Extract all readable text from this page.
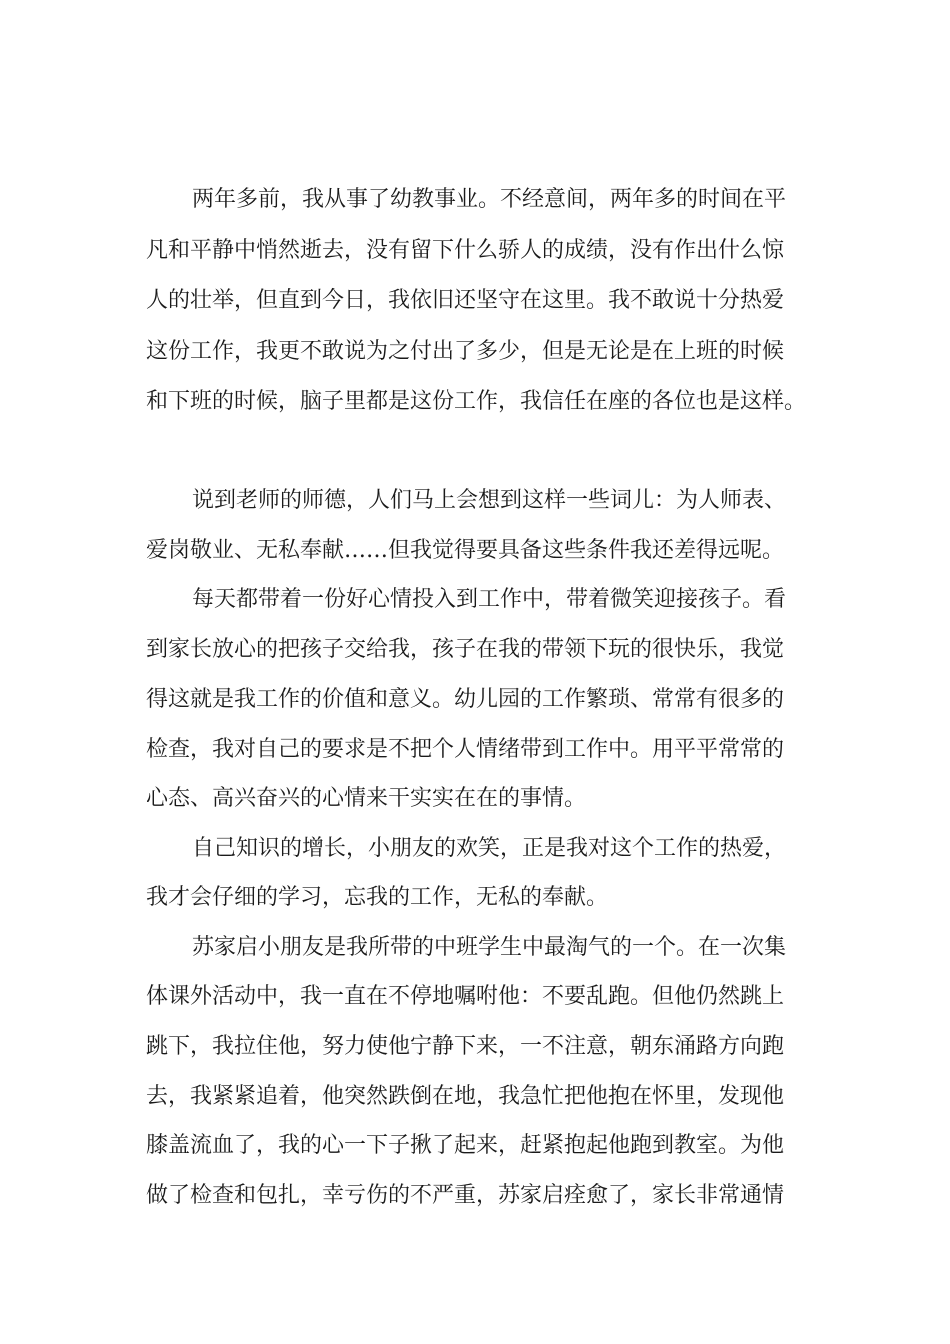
两年多前，我从事了幼教事业。不经意间，两年多的时间在平
凡和平静中悄然逝去，没有留下什么骄人的成绩，没有作出什么惊
人的壮举，但直到今日，我依旧还坚守在这里。我不敢说十分热爱
这份工作，我更不敢说为之付出了多少，但是无论是在上班的时候
和下班的时候，脑子里都是这份工作，我信任在座的各位也是这样。
说到老师的师德，人们马上会想到这样一些词儿：为人师表、
爱岗敬业、无私奉献……但我觉得要具备这些条件我还差得远呢。
每天都带着一份好心情投入到工作中，带着微笑迎接孩子。看
到家长放心的把孩子交给我，孩子在我的带领下玩的很快乐，我觉
得这就是我工作的价值和意义。幼儿园的工作繁琐、常常有很多的
检查，我对自己的要求是不把个人情绪带到工作中。用平平常常的
心态、高兴奋兴的心情来干实实在在的事情。
自己知识的增长，小朋友的欢笑，正是我对这个工作的热爱，
我才会仔细的学习，忘我的工作，无私的奉献。
苏家启小朋友是我所带的中班学生中最淘气的一个。在一次集
体课外活动中，我一直在不停地嘱咐他：不要乱跑。但他仍然跳上
跳下，我拉住他，努力使他宁静下来，一不注意，朝东涌路方向跑
去，我紧紧追着，他突然跌倒在地，我急忙把他抱在怀里，发现他
膝盖流血了，我的心一下子揪了起来，赶紧抱起他跑到教室。为他
做了检查和包扎，幸亏伤的不严重，苏家启痊愈了，家长非常通情
